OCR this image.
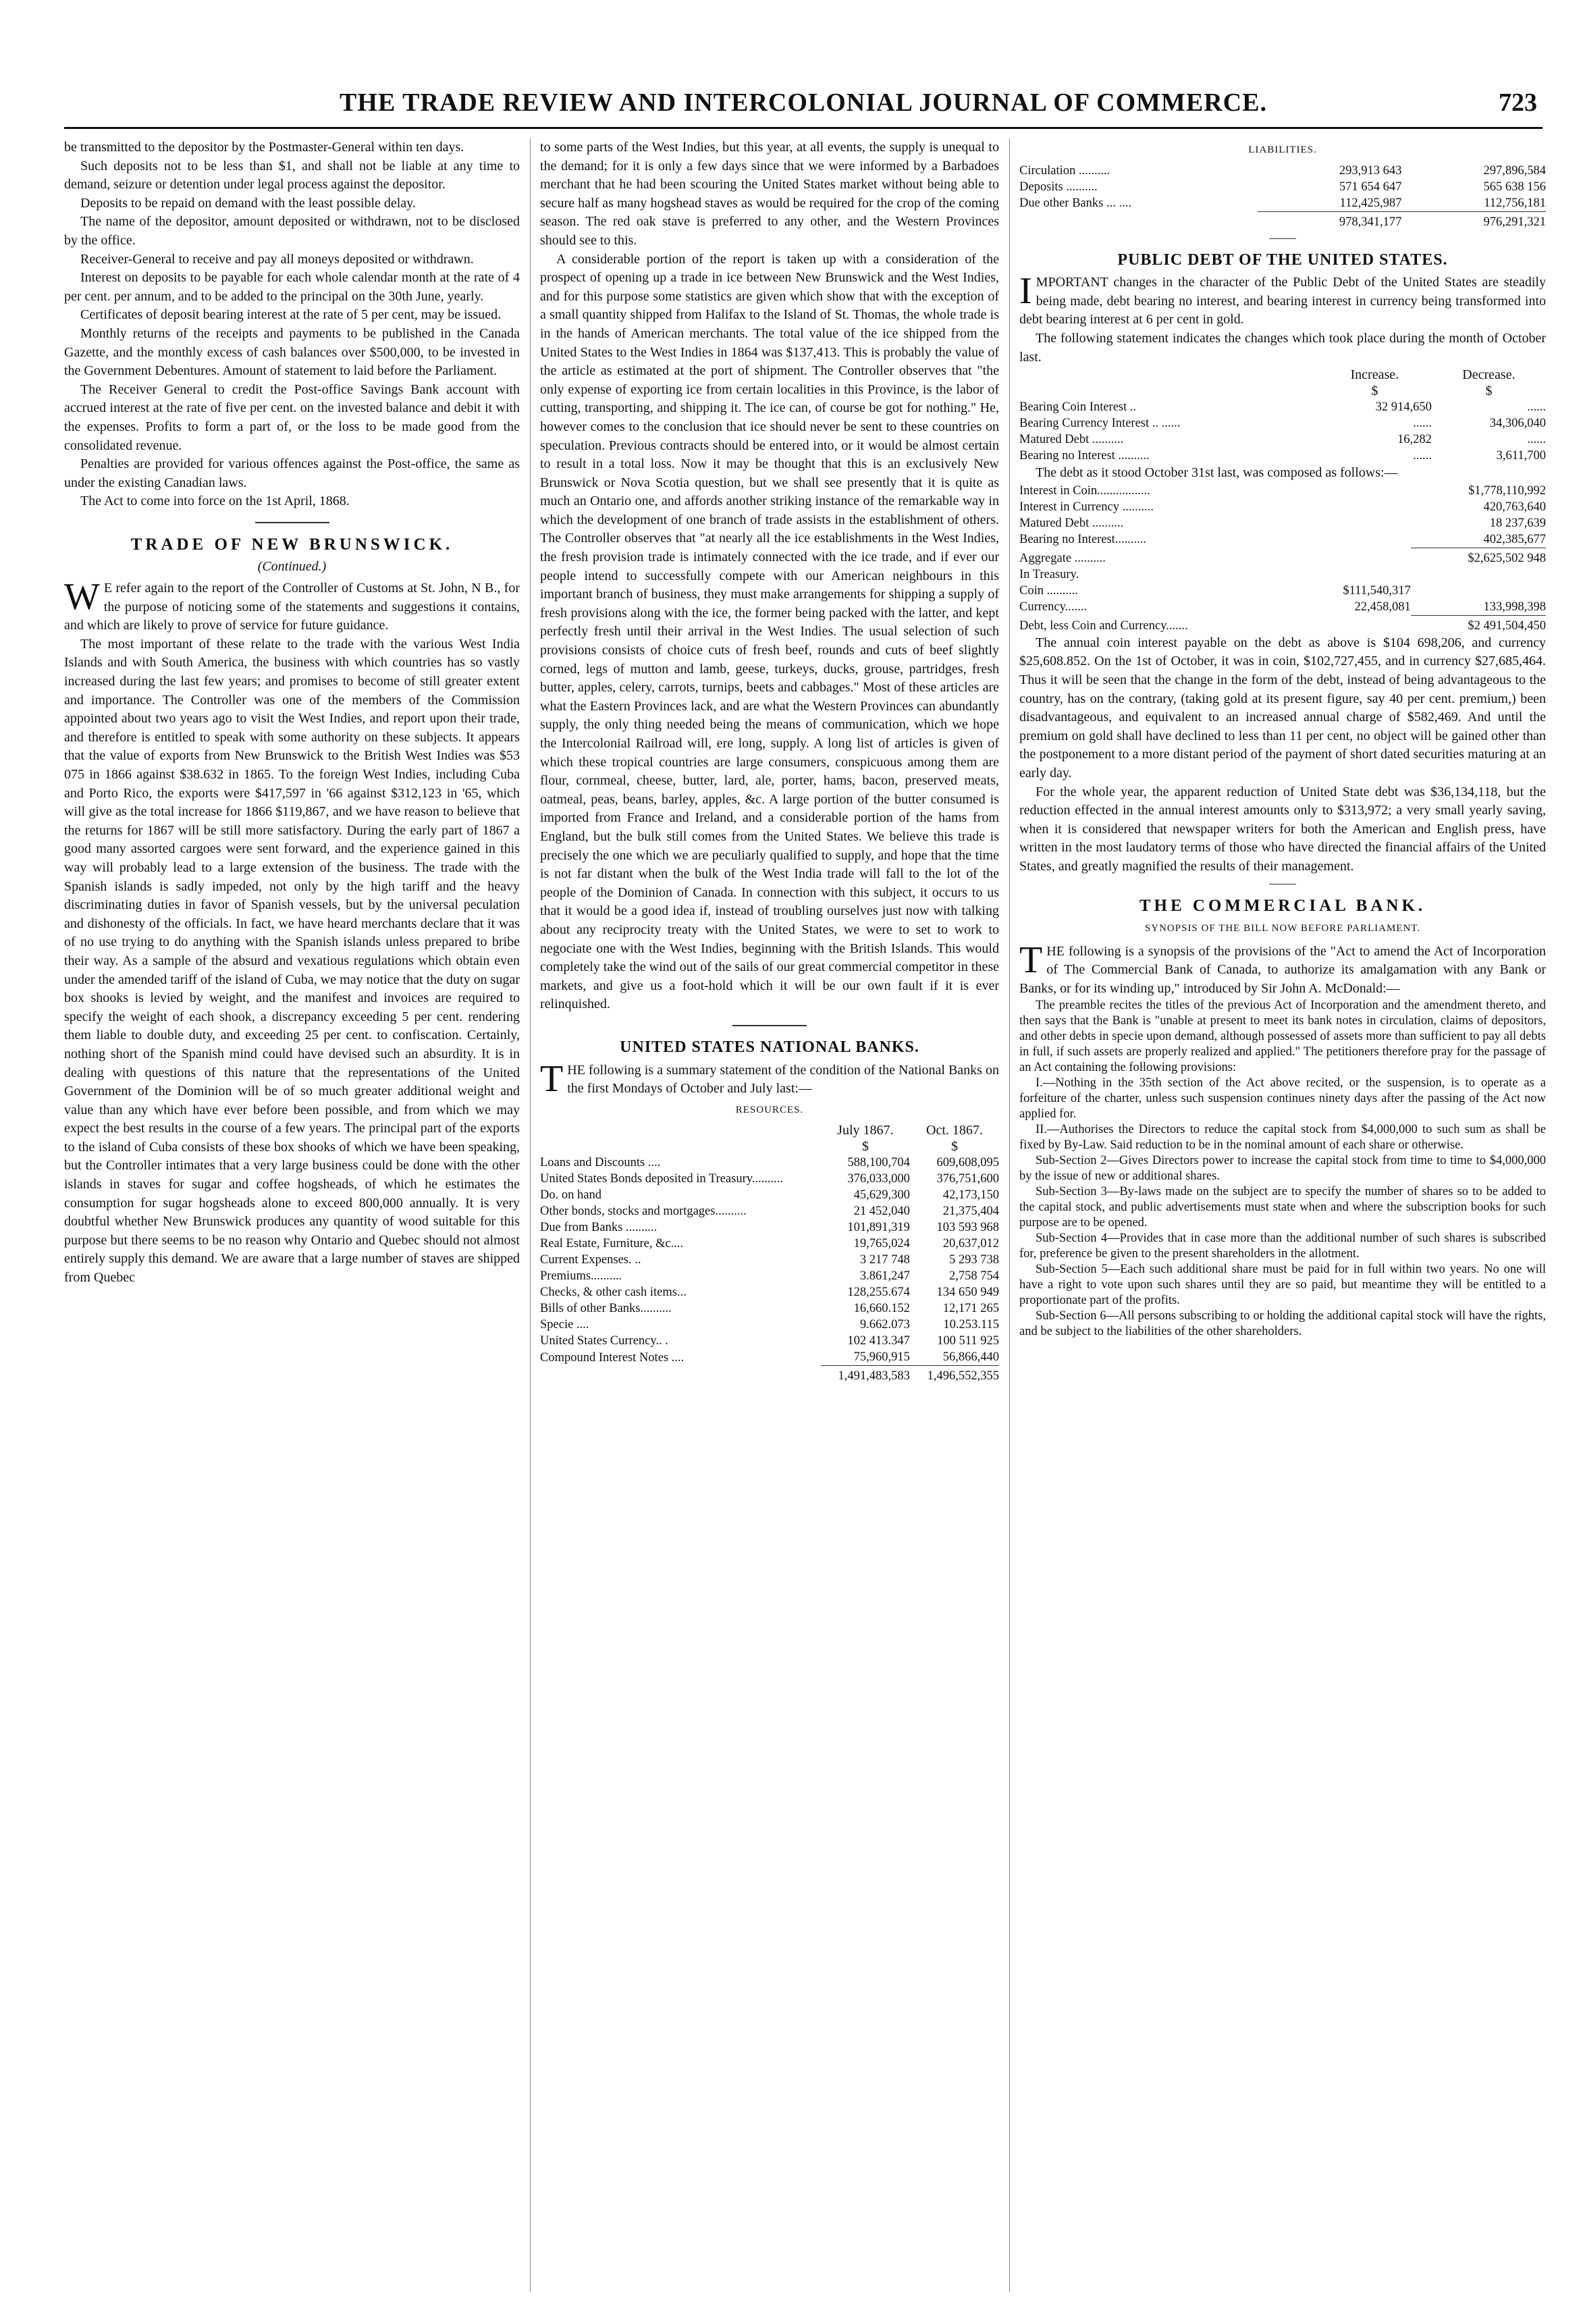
THE TRADE REVIEW AND INTERCOLONIAL JOURNAL OF COMMERCE.	723

be transmitted to the depositor by the Postmaster-General within ten days.

Such deposits not to be less than $1, and shall not be liable at any time to demand, seizure or detention under legal process against the depositor.

Deposits to be repaid on demand with the least possible delay.

The name of the depositor, amount deposited or withdrawn, not to be disclosed by the office.

Receiver-General to receive and pay all moneys deposited or withdrawn.

Interest on deposits to be payable for each whole calendar month at the rate of 4 per cent. per annum, and to be added to the principal on the 30th June, yearly.

Certificates of deposit bearing interest at the rate of 5 per cent, may be issued.

Monthly returns of the receipts and payments to be published in the Canada Gazette, and the monthly excess of cash balances over $500,000, to be invested in the Government Debentures. Amount of statement to laid before the Parliament.

The Receiver General to credit the Post-office Savings Bank account with accrued interest at the rate of five per cent. on the invested balance and debit it with the expenses. Profits to form a part of, or the loss to be made good from the consolidated revenue.

Penalties are provided for various offences against the Post-office, the same as under the existing Canadian laws.

The Act to come into force on the 1st April, 1868.

TRADE OF NEW BRUNSWICK.
(Continued.)

WE refer again to the report of the Controller of Customs at St. John, N B., for the purpose of noticing some of the statements and suggestions it contains, and which are likely to prove of service for future guidance.

The most important of these relate to the trade with the various West India Islands and with South America, the business with which countries has so vastly increased during the last few years; and promises to become of still greater extent and importance. The Controller was one of the members of the Commission appointed about two years ago to visit the West Indies, and report upon their trade, and therefore is entitled to speak with some authority on these subjects. It appears that the value of exports from New Brunswick to the British West Indies was $53 075 in 1866 against $38.632 in 1865. To the foreign West Indies, including Cuba and Porto Rico, the exports were $417,597 in '66 against $312,123 in '65, which will give as the total increase for 1866 $119,867, and we have reason to believe that the returns for 1867 will be still more satisfactory. During the early part of 1867 a good many assorted cargoes were sent forward, and the experience gained in this way will probably lead to a large extension of the business. The trade with the Spanish islands is sadly impeded, not only by the high tariff and the heavy discriminating duties in favor of Spanish vessels, but by the universal peculation and dishonesty of the officials. In fact, we have heard merchants declare that it was of no use trying to do anything with the Spanish islands unless prepared to bribe their way. As a sample of the absurd and vexatious regulations which obtain even under the amended tariff of the island of Cuba, we may notice that the duty on sugar box shooks is levied by weight, and the manifest and invoices are required to specify the weight of each shook, a discrepancy exceeding 5 per cent. rendering them liable to double duty, and exceeding 25 per cent. to confiscation. Certainly, nothing short of the Spanish mind could have devised such an absurdity. It is in dealing with questions of this nature that the representations of the United Government of the Dominion will be of so much greater additional weight and value than any which have ever before been possible, and from which we may expect the best results in the course of a few years. The principal part of the exports to the island of Cuba consists of these box shooks of which we have been speaking, but the Controller intimates that a very large business could be done with the other islands in staves for sugar and coffee hogsheads, of which he estimates the consumption for sugar hogsheads alone to exceed 800,000 annually. It is very doubtful whether New Brunswick produces any quantity of wood suitable for this purpose but there seems to be no reason why Ontario and Quebec should not almost entirely supply this demand. We are aware that a large number of staves are shipped from Quebec

to some parts of the West Indies, but this year, at all events, the supply is unequal to the demand; for it is only a few days since that we were informed by a Barbadoes merchant that he had been scouring the United States market without being able to secure half as many hogshead staves as would be required for the crop of the coming season. The red oak stave is preferred to any other, and the Western Provinces should see to this.

A considerable portion of the report is taken up with a consideration of the prospect of opening up a trade in ice between New Brunswick and the West Indies, and for this purpose some statistics are given which show that with the exception of a small quantity shipped from Halifax to the Island of St. Thomas, the whole trade is in the hands of American merchants. The total value of the ice shipped from the United States to the West Indies in 1864 was $137,413. This is probably the value of the article as estimated at the port of shipment. The Controller observes that "the only expense of exporting ice from certain localities in this Province, is the labor of cutting, transporting, and shipping it. The ice can, of course be got for nothing." He, however comes to the conclusion that ice should never be sent to these countries on speculation. Previous contracts should be entered into, or it would be almost certain to result in a total loss. Now it may be thought that this is an exclusively New Brunswick or Nova Scotia question, but we shall see presently that it is quite as much an Ontario one, and affords another striking instance of the remarkable way in which the development of one branch of trade assists in the establishment of others. The Controller observes that "at nearly all the ice establishments in the West Indies, the fresh provision trade is intimately connected with the ice trade, and if ever our people intend to successfully compete with our American neighbours in this important branch of business, they must make arrangements for shipping a supply of fresh provisions along with the ice, the former being packed with the latter, and kept perfectly fresh until their arrival in the West Indies. The usual selection of such provisions consists of choice cuts of fresh beef, rounds and cuts of beef slightly corned, legs of mutton and lamb, geese, turkeys, ducks, grouse, partridges, fresh butter, apples, celery, carrots, turnips, beets and cabbages." Most of these articles are what the Eastern Provinces lack, and are what the Western Provinces can abundantly supply, the only thing needed being the means of communication, which we hope the Intercolonial Railroad will, ere long, supply. A long list of articles is given of which these tropical countries are large consumers, conspicuous among them are flour, cornmeal, cheese, butter, lard, ale, porter, hams, bacon, preserved meats, oatmeal, peas, beans, barley, apples, &c. A large portion of the butter consumed is imported from France and Ireland, and a considerable portion of the hams from England, but the bulk still comes from the United States. We believe this trade is precisely the one which we are peculiarly qualified to supply, and hope that the time is not far distant when the bulk of the West India trade will fall to the lot of the people of the Dominion of Canada. In connection with this subject, it occurs to us that it would be a good idea if, instead of troubling ourselves just now with talking about any reciprocity treaty with the United States, we were to set to work to negociate one with the West Indies, beginning with the British Islands. This would completely take the wind out of the sails of our great commercial competitor in these markets, and give us a foot-hold which it will be our own fault if it is ever relinquished.

UNITED STATES NATIONAL BANKS.

THE following is a summary statement of the condition of the National Banks on the first Mondays of October and July last:—

RESOURCES.
	July 1867.	Oct. 1867.
	$	$
Loans and Discounts ....	588,100,704	609,608,095
United States Bonds deposited in Treasury..........	376,033,000	376,751,600
Do. on hand	45,629,300	42,173,150
Other bonds, stocks and mortgages..........	21 452,040	21,375,404
Due from Banks ..........	101,891,319	103 593 968
Real Estate, Furniture, &c....	19,765,024	20,637,012
Current Expenses. ..	3 217 748	5 293 738
Premiums..........	3.861,247	2,758 754
Checks, & other cash items...	128,255.674	134 650 949
Bills of other Banks..........	16,660.152	12,171 265
Specie ....	9.662.073	10.253.115
United States Currency.. .	102 413.347	100 511 925
Compound Interest Notes ....	75,960,915	56,866,440
	1,491,483,583	1,496,552,355
LIABILITIES.
Circulation ..........	293,913 643	297,896,584
Deposits ..........	571 654 647	565 638 156
Due other Banks ... ....	112,425,987	112,756,181
	978,341,177	976,291,321
PUBLIC DEBT OF THE UNITED STATES.

IMPORTANT changes in the character of the Public Debt of the United States are steadily being made, debt bearing no interest, and bearing interest in currency being transformed into debt bearing interest at 6 per cent in gold.

The following statement indicates the changes which took place during the month of October last.

	Increase.	Decrease.
	$	$
Bearing Coin Interest ..	32 914,650	......
Bearing Currency Interest .. ......	......	34,306,040
Matured Debt ..........	16,282	......
Bearing no Interest ..........	......	3,611,700

The debt as it stood October 31st last, was composed as follows:—

Interest in Coin.................		$1,778,110,992
Interest in Currency ..........		420,763,640
Matured Debt ..........		18 237,639
Bearing no Interest..........		402,385,677
Aggregate ..........		$2,625,502 948
In Treasury.		
Coin ..........	$111,540,317	
Currency.......	22,458,081	133,998,398
Debt, less Coin and Currency.......		$2 491,504,450

The annual coin interest payable on the debt as above is $104 698,206, and currency $25,608.852. On the 1st of October, it was in coin, $102,727,455, and in currency $27,685,464. Thus it will be seen that the change in the form of the debt, instead of being advantageous to the country, has on the contrary, (taking gold at its present figure, say 40 per cent. premium,) been disadvantageous, and equivalent to an increased annual charge of $582,469. And until the premium on gold shall have declined to less than 11 per cent, no object will be gained other than the postponement to a more distant period of the payment of short dated securities maturing at an early day.

For the whole year, the apparent reduction of United State debt was $36,134,118, but the reduction effected in the annual interest amounts only to $313,972; a very small yearly saving, when it is considered that newspaper writers for both the American and English press, have written in the most laudatory terms of those who have directed the financial affairs of the United States, and greatly magnified the results of their management.

THE COMMERCIAL BANK.
SYNOPSIS OF THE BILL NOW BEFORE PARLIAMENT.

THE following is a synopsis of the provisions of the "Act to amend the Act of Incorporation of The Commercial Bank of Canada, to authorize its amalgamation with any Bank or Banks, or for its winding up," introduced by Sir John A. McDonald:—

The preamble recites the titles of the previous Act of Incorporation and the amendment thereto, and then says that the Bank is "unable at present to meet its bank notes in circulation, claims of depositors, and other debts in specie upon demand, although possessed of assets more than sufficient to pay all debts in full, if such assets are properly realized and applied." The petitioners therefore pray for the passage of an Act containing the following provisions:

I.—Nothing in the 35th section of the Act above recited, or the suspension, is to operate as a forfeiture of the charter, unless such suspension continues ninety days after the passing of the Act now applied for.

II.—Authorises the Directors to reduce the capital stock from $4,000,000 to such sum as shall be fixed by By-Law. Said reduction to be in the nominal amount of each share or otherwise.

Sub-Section 2—Gives Directors power to increase the capital stock from time to time to $4,000,000 by the issue of new or additional shares.

Sub-Section 3—By-laws made on the subject are to specify the number of shares so to be added to the capital stock, and public advertisements must state when and where the subscription books for such purpose are to be opened.

Sub-Section 4—Provides that in case more than the additional number of such shares is subscribed for, preference be given to the present shareholders in the allotment.

Sub-Section 5—Each such additional share must be paid for in full within two years. No one will have a right to vote upon such shares until they are so paid, but meantime they will be entitled to a proportionate part of the profits.

Sub-Section 6—All persons subscribing to or holding the additional capital stock will have the rights, and be subject to the liabilities of the other shareholders.
